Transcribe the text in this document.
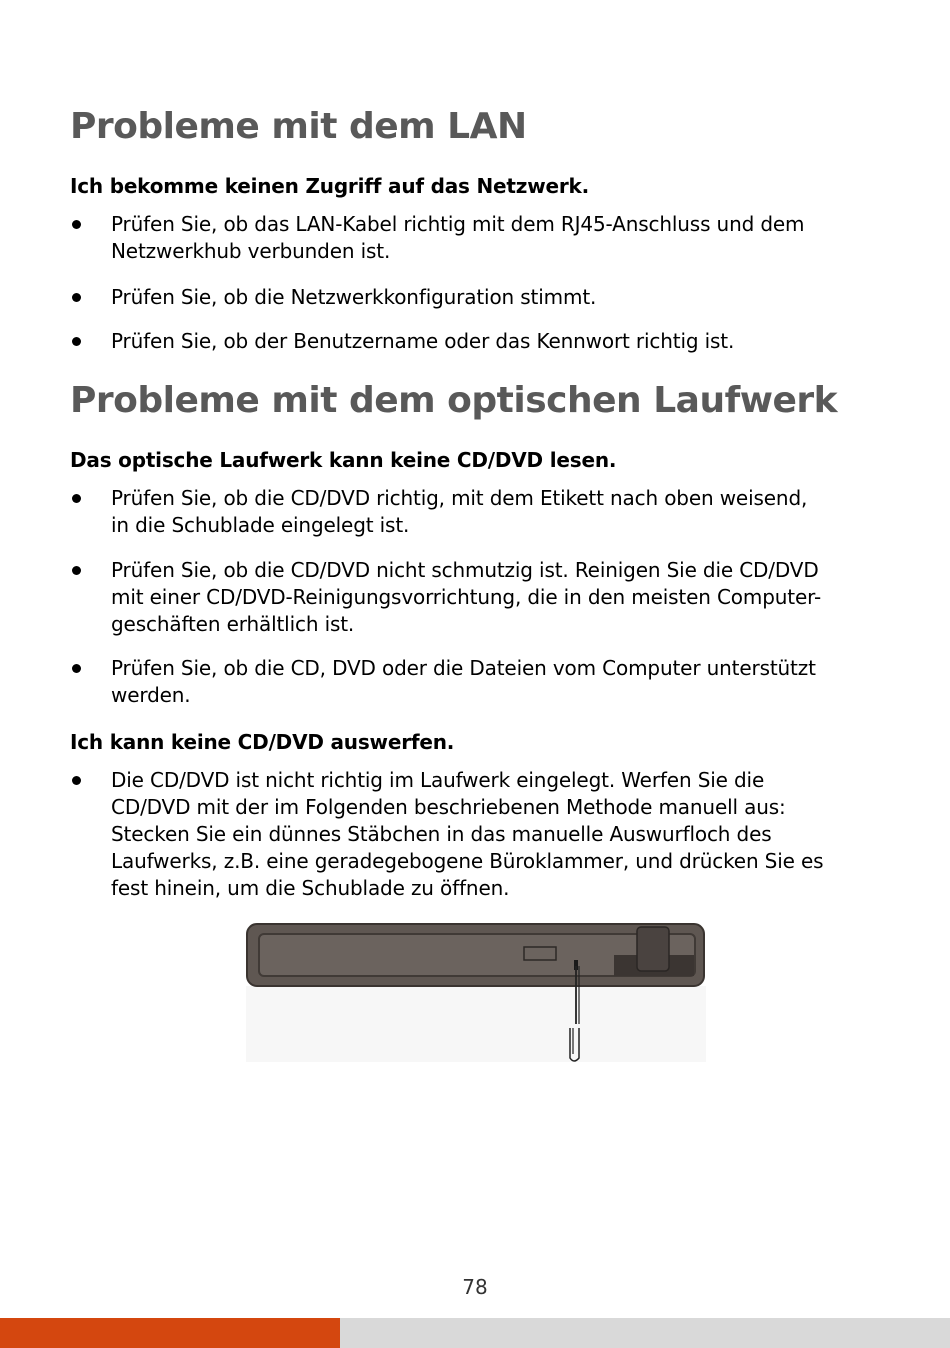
Probleme mit dem LAN
Ich bekomme keinen Zugriff auf das Netzwerk.
Prüfen Sie, ob das LAN-Kabel richtig mit dem RJ45-Anschluss und dem
Netzwerkhub verbunden ist.
Prüfen Sie, ob die Netzwerkkonfiguration stimmt.
Prüfen Sie, ob der Benutzername oder das Kennwort richtig ist.
Probleme mit dem optischen Laufwerk
Das optische Laufwerk kann keine CD/DVD lesen.
Prüfen Sie, ob die CD/DVD richtig, mit dem Etikett nach oben weisend,
in die Schublade eingelegt ist.
Prüfen Sie, ob die CD/DVD nicht schmutzig ist. Reinigen Sie die CD/DVD
mit einer CD/DVD-Reinigungsvorrichtung, die in den meisten Computer-
geschäften erhältlich ist.
Prüfen Sie, ob die CD, DVD oder die Dateien vom Computer unterstützt
werden.
Ich kann keine CD/DVD auswerfen.
Die CD/DVD ist nicht richtig im Laufwerk eingelegt. Werfen Sie die
CD/DVD mit der im Folgenden beschriebenen Methode manuell aus:
Stecken Sie ein dünnes Stäbchen in das manuelle Auswurfloch des
Laufwerks, z.B. eine geradegebogene Büroklammer, und drücken Sie es
fest hinein, um die Schublade zu öffnen.
78
